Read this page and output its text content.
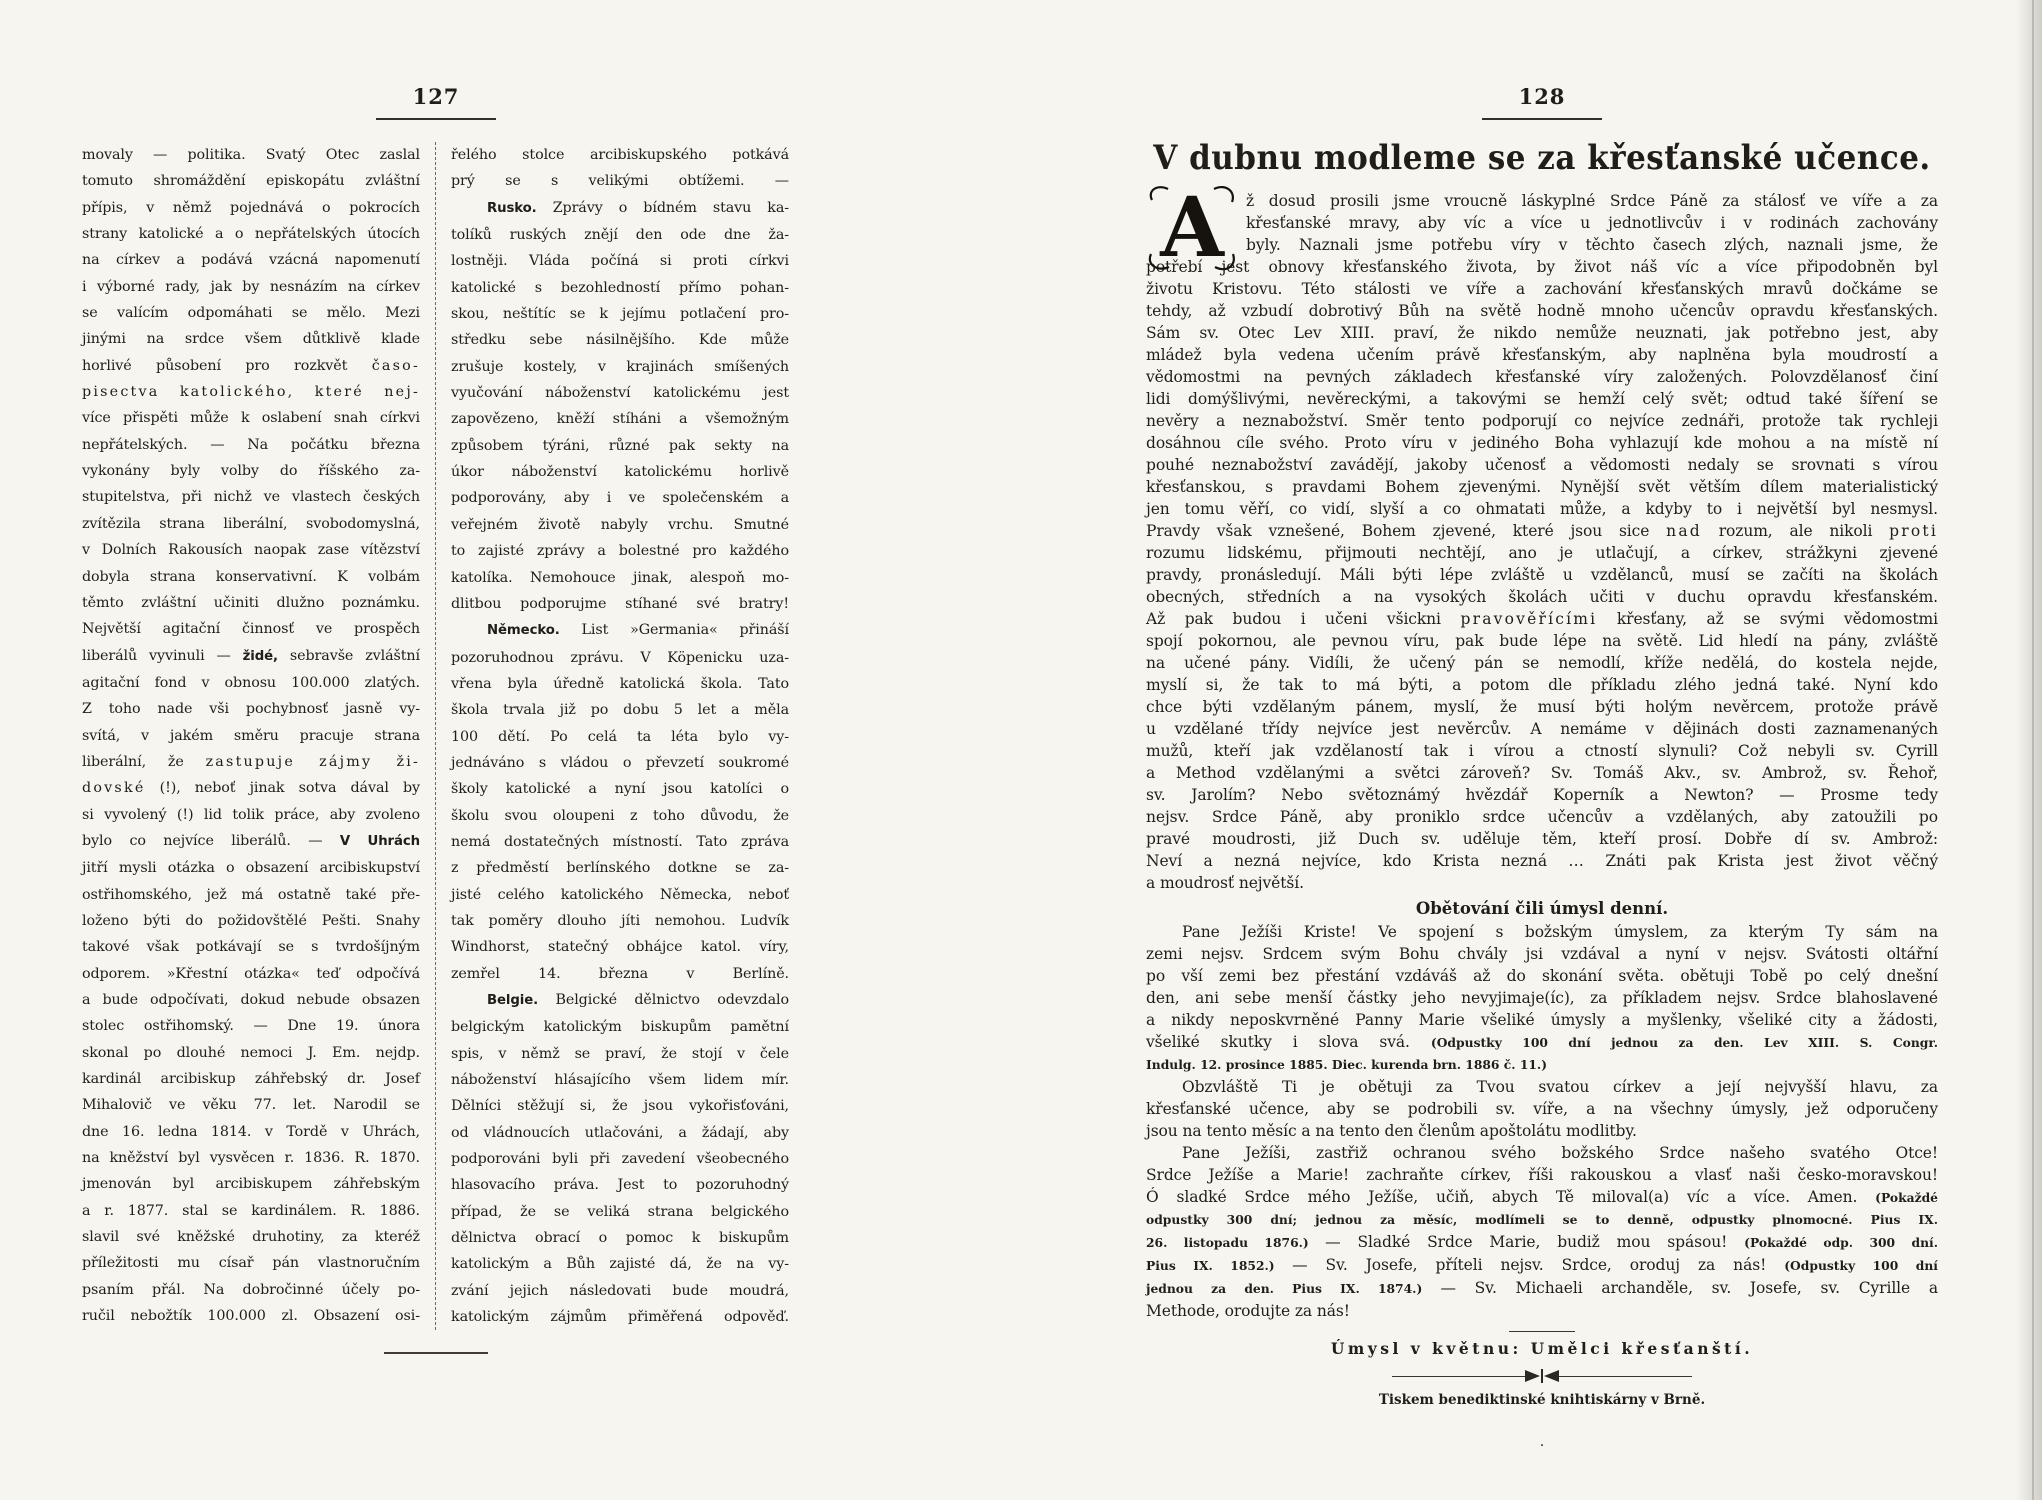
127
movaly — politika. Svatý Otec zaslal
tomuto shromáždění episkopátu zvláštní
přípis, v němž pojednává o pokrocích
strany katolické a o nepřátelských útocích
na církev a podává vzácná napomenutí
i výborné rady, jak by nesnázím na církev
se valícím odpomáhati se mělo. Mezi
jinými na srdce všem důtklivě klade
horlivé působení pro rozkvět časo-
pisectva katolického, které nej-
více přispěti může k oslabení snah církvi
nepřátelských. — Na počátku března
vykonány byly volby do říšského za-
stupitelstva, při nichž ve vlastech českých
zvítězila strana liberální, svobodomyslná,
v Dolních Rakousích naopak zase vítězství
dobyla strana konservativní. K volbám
těmto zvláštní učiniti dlužno poznámku.
Největší agitační činnosť ve prospěch
liberálů vyvinuli — židé, sebravše zvláštní
agitační fond v obnosu 100.000 zlatých.
Z toho nade vši pochybnosť jasně vy-
svítá, v jakém směru pracuje strana
liberální, že zastupuje zájmy ži-
dovské (!), neboť jinak sotva dával by
si vyvolený (!) lid tolik práce, aby zvoleno
bylo co nejvíce liberálů. — V Uhrách
jitří mysli otázka o obsazení arcibiskupství
ostřihomského, jež má ostatně také pře-
loženo býti do požidovštělé Pešti. Snahy
takové však potkávají se s tvrdošíjným
odporem. »Křestní otázka« teď odpočívá
a bude odpočívati, dokud nebude obsazen
stolec ostřihomský. — Dne 19. února
skonal po dlouhé nemoci J. Em. nejdp.
kardinál arcibiskup záhřebský dr. Josef
Mihalovič ve věku 77. let. Narodil se
dne 16. ledna 1814. v Tordě v Uhrách,
na kněžství byl vysvěcen r. 1836. R. 1870.
jmenován byl arcibiskupem záhřebským
a r. 1877. stal se kardinálem. R. 1886.
slavil své kněžské druhotiny, za kteréž
příležitosti mu císař pán vlastnoručním
psaním přál. Na dobročinné účely po-
ručil nebožtík 100.000 zl. Obsazení osi-
řelého stolce arcibiskupského potkává
prý se s velikými obtížemi. —
Rusko. Zprávy o bídném stavu ka-
tolíků ruských znějí den ode dne ža-
lostněji. Vláda počíná si proti církvi
katolické s bezohledností přímo pohan-
skou, neštítíc se k jejímu potlačení pro-
středku sebe násilnějšího. Kde může
zrušuje kostely, v krajinách smíšených
vyučování náboženství katolickému jest
zapovězeno, kněží stíháni a všemožným
způsobem týráni, různé pak sekty na
úkor náboženství katolickému horlivě
podporovány, aby i ve společenském a
veřejném životě nabyly vrchu. Smutné
to zajisté zprávy a bolestné pro každého
katolíka. Nemohouce jinak, alespoň mo-
dlitbou podporujme stíhané své bratry!
Německo. List »Germania« přináší
pozoruhodnou zprávu. V Köpenicku uza-
vřena byla úředně katolická škola. Tato
škola trvala již po dobu 5 let a měla
100 dětí. Po celá ta léta bylo vy-
jednáváno s vládou o převzetí soukromé
školy katolické a nyní jsou katolíci o
školu svou oloupeni z toho důvodu, že
nemá dostatečných místností. Tato zpráva
z předměstí berlínského dotkne se za-
jisté celého katolického Německa, neboť
tak poměry dlouho jíti nemohou. Ludvík
Windhorst, statečný obhájce katol. víry,
zemřel 14. března v Berlíně.
Belgie. Belgické dělnictvo odevzdalo
belgickým katolickým biskupům pamětní
spis, v němž se praví, že stojí v čele
náboženství hlásajícího všem lidem mír.
Dělníci stěžují si, že jsou vykořisťováni,
od vládnoucích utlačováni, a žádají, aby
podporováni byli při zavedení všeobecného
hlasovacího práva. Jest to pozoruhodný
případ, že se veliká strana belgického
dělnictva obrací o pomoc k biskupům
katolickým a Bůh zajisté dá, že na vy-
zvání jejich následovati bude moudrá,
katolickým zájmům přiměřená odpověď.
128
V dubnu modleme se za křesťanské učence.
A	ž dosud prosili jsme vroucně láskyplné Srdce Páně za stálosť ve víře a za
křesťanské mravy, aby víc a více u jednotlivcův i v rodinách zachovány
byly. Naznali jsme potřebu víry v těchto časech zlých, naznali jsme, že
potřebí jest obnovy křesťanského života, by život náš víc a více připodobněn byl
životu Kristovu. Této stálosti ve víře a zachování křesťanských mravů dočkáme se
tehdy, až vzbudí dobrotivý Bůh na světě hodně mnoho učencův opravdu křesťanských.
Sám sv. Otec Lev XIII. praví, že nikdo nemůže neuznati, jak potřebno jest, aby
mládež byla vedena učením právě křesťanským, aby naplněna byla moudrostí a
vědomostmi na pevných základech křesťanské víry založených. Polovzdělanosť činí
lidi domýšlivými, nevěreckými, a takovými se hemží celý svět; odtud také šíření se
nevěry a neznabožství. Směr tento podporují co nejvíce zednáři, protože tak rychleji
dosáhnou cíle svého. Proto víru v jediného Boha vyhlazují kde mohou a na místě ní
pouhé neznabožství zavádějí, jakoby učenosť a vědomosti nedaly se srovnati s vírou
křesťanskou, s pravdami Bohem zjevenými. Nynější svět větším dílem materialistický
jen tomu věří, co vidí, slyší a co ohmatati může, a kdyby to i největší byl nesmysl.
Pravdy však vznešené, Bohem zjevené, které jsou sice nad rozum, ale nikoli proti
rozumu lidskému, přijmouti nechtějí, ano je utlačují, a církev, strážkyni zjevené
pravdy, pronásledují. Máli býti lépe zvláště u vzdělanců, musí se začíti na školách
obecných, středních a na vysokých školách učiti v duchu opravdu křesťanském.
Až pak budou i učeni všickni pravověřícími křesťany, až se svými vědomostmi
spojí pokornou, ale pevnou víru, pak bude lépe na světě. Lid hledí na pány, zvláště
na učené pány. Vidíli, že učený pán se nemodlí, kříže nedělá, do kostela nejde,
myslí si, že tak to má býti, a potom dle příkladu zlého jedná také. Nyní kdo
chce býti vzdělaným pánem, myslí, že musí býti holým nevěrcem, protože právě
u vzdělané třídy nejvíce jest nevěrcův. A nemáme v dějinách dosti zaznamenaných
mužů, kteří jak vzdělaností tak i vírou a ctností slynuli? Což nebyli sv. Cyrill
a Method vzdělanými a světci zároveň? Sv. Tomáš Akv., sv. Ambrož, sv. Řehoř,
sv. Jarolím? Nebo světoznámý hvězdář Koperník a Newton? — Prosme tedy
nejsv. Srdce Páně, aby proniklo srdce učencův a vzdělaných, aby zatoužili po
pravé moudrosti, již Duch sv. uděluje těm, kteří prosí. Dobře dí sv. Ambrož:
Neví a nezná nejvíce, kdo Krista nezná … Znáti pak Krista jest život věčný
a moudrosť největší.
Obětování čili úmysl denní.
Pane Ježíši Kriste! Ve spojení s božským úmyslem, za kterým Ty sám na
zemi nejsv. Srdcem svým Bohu chvály jsi vzdával a nyní v nejsv. Svátosti oltářní
po vší zemi bez přestání vzdáváš až do skonání světa. obětuji Tobě po celý dnešní
den, ani sebe menší částky jeho nevyjimaje(íc), za příkladem nejsv. Srdce blahoslavené
a nikdy neposkvrněné Panny Marie všeliké úmysly a myšlenky, všeliké city a žádosti,
všeliké skutky i slova svá. (Odpustky 100 dní jednou za den. Lev XIII. S. Congr.
Indulg. 12. prosince 1885. Diec. kurenda brn. 1886 č. 11.)
Obzvláště Ti je obětuji za Tvou svatou církev a její nejvyšší hlavu, za
křesťanské učence, aby se podrobili sv. víře, a na všechny úmysly, jež odporučeny
jsou na tento měsíc a na tento den členům apoštolátu modlitby.
Pane Ježíši, zastřiž ochranou svého božského Srdce našeho svatého Otce!
Srdce Ježíše a Marie! zachraňte církev, říši rakouskou a vlasť naši česko-moravskou!
Ó sladké Srdce mého Ježíše, učiň, abych Tě miloval(a) víc a více. Amen. (Pokaždé
odpustky 300 dní; jednou za měsíc, modlímeli se to denně, odpustky plnomocné. Pius IX.
26. listopadu 1876.) — Sladké Srdce Marie, budiž mou spásou! (Pokaždé odp. 300 dní.
Pius IX. 1852.) — Sv. Josefe, příteli nejsv. Srdce, oroduj za nás! (Odpustky 100 dní
jednou za den. Pius IX. 1874.) — Sv. Michaeli archanděle, sv. Josefe, sv. Cyrille a
Methode, orodujte za nás!
Úmysl v květnu: Umělci křesťanští.
Tiskem benediktinské knihtiskárny v Brně.
.
